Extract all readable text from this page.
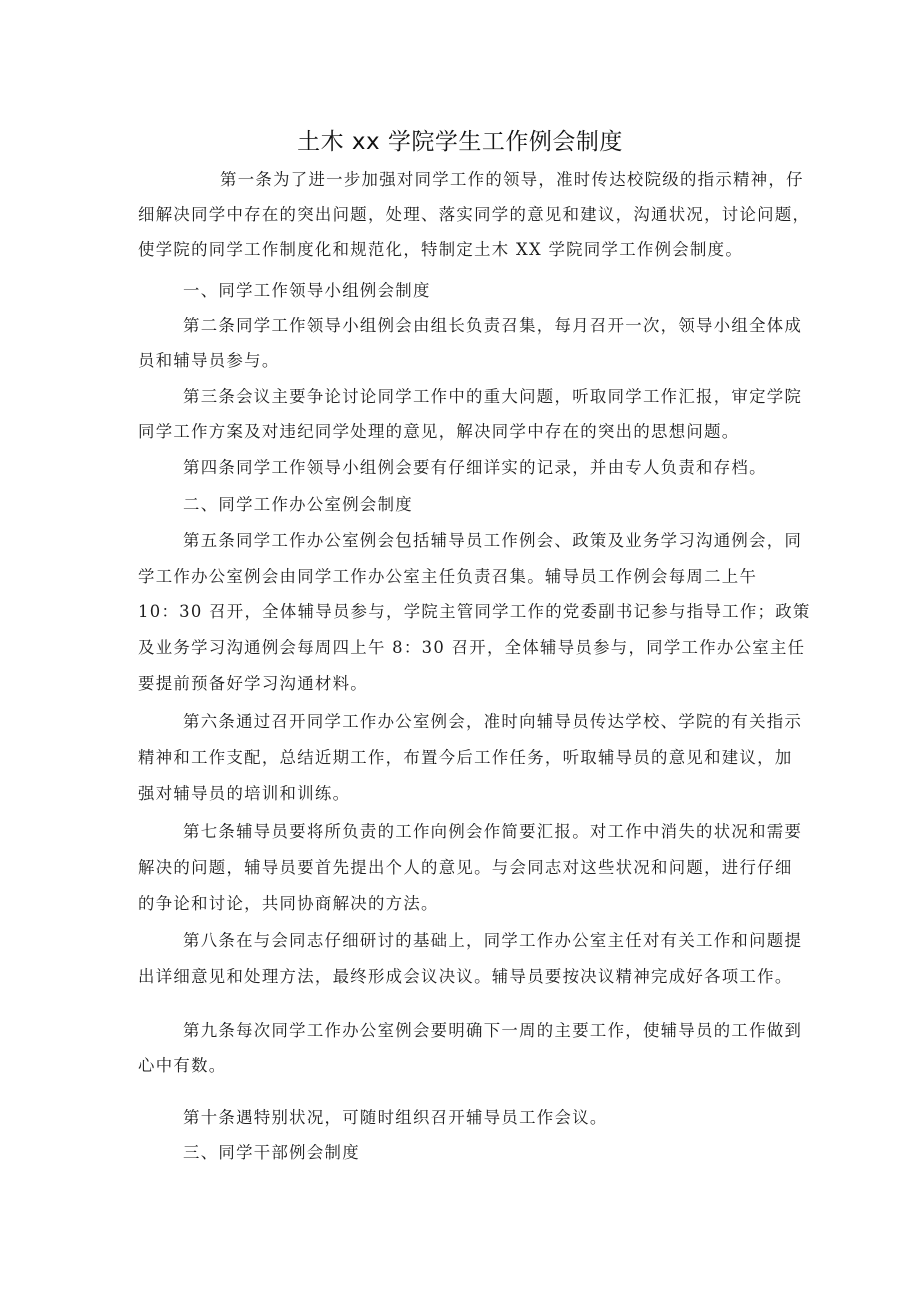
土木 xx 学院学生工作例会制度
第一条为了进一步加强对同学工作的领导，准时传达校院级的指示精神，仔
细解决同学中存在的突出问题，处理、落实同学的意见和建议，沟通状况，讨论问题，
使学院的同学工作制度化和规范化，特制定土木 XX 学院同学工作例会制度。
一、同学工作领导小组例会制度
第二条同学工作领导小组例会由组长负责召集，每月召开一次，领导小组全体成
员和辅导员参与。
第三条会议主要争论讨论同学工作中的重大问题，听取同学工作汇报，审定学院
同学工作方案及对违纪同学处理的意见，解决同学中存在的突出的思想问题。
第四条同学工作领导小组例会要有仔细详实的记录，并由专人负责和存档。
二、同学工作办公室例会制度
第五条同学工作办公室例会包括辅导员工作例会、政策及业务学习沟通例会，同
学工作办公室例会由同学工作办公室主任负责召集。辅导员工作例会每周二上午
10：30 召开，全体辅导员参与，学院主管同学工作的党委副书记参与指导工作；政策
及业务学习沟通例会每周四上午 8：30 召开，全体辅导员参与，同学工作办公室主任
要提前预备好学习沟通材料。
第六条通过召开同学工作办公室例会，准时向辅导员传达学校、学院的有关指示
精神和工作支配，总结近期工作，布置今后工作任务，听取辅导员的意见和建议，加
强对辅导员的培训和训练。
第七条辅导员要将所负责的工作向例会作简要汇报。对工作中消失的状况和需要
解决的问题，辅导员要首先提出个人的意见。与会同志对这些状况和问题，进行仔细
的争论和讨论，共同协商解决的方法。
第八条在与会同志仔细研讨的基础上，同学工作办公室主任对有关工作和问题提
出详细意见和处理方法，最终形成会议决议。辅导员要按决议精神完成好各项工作。
第九条每次同学工作办公室例会要明确下一周的主要工作，使辅导员的工作做到
心中有数。
第十条遇特别状况，可随时组织召开辅导员工作会议。
三、同学干部例会制度
